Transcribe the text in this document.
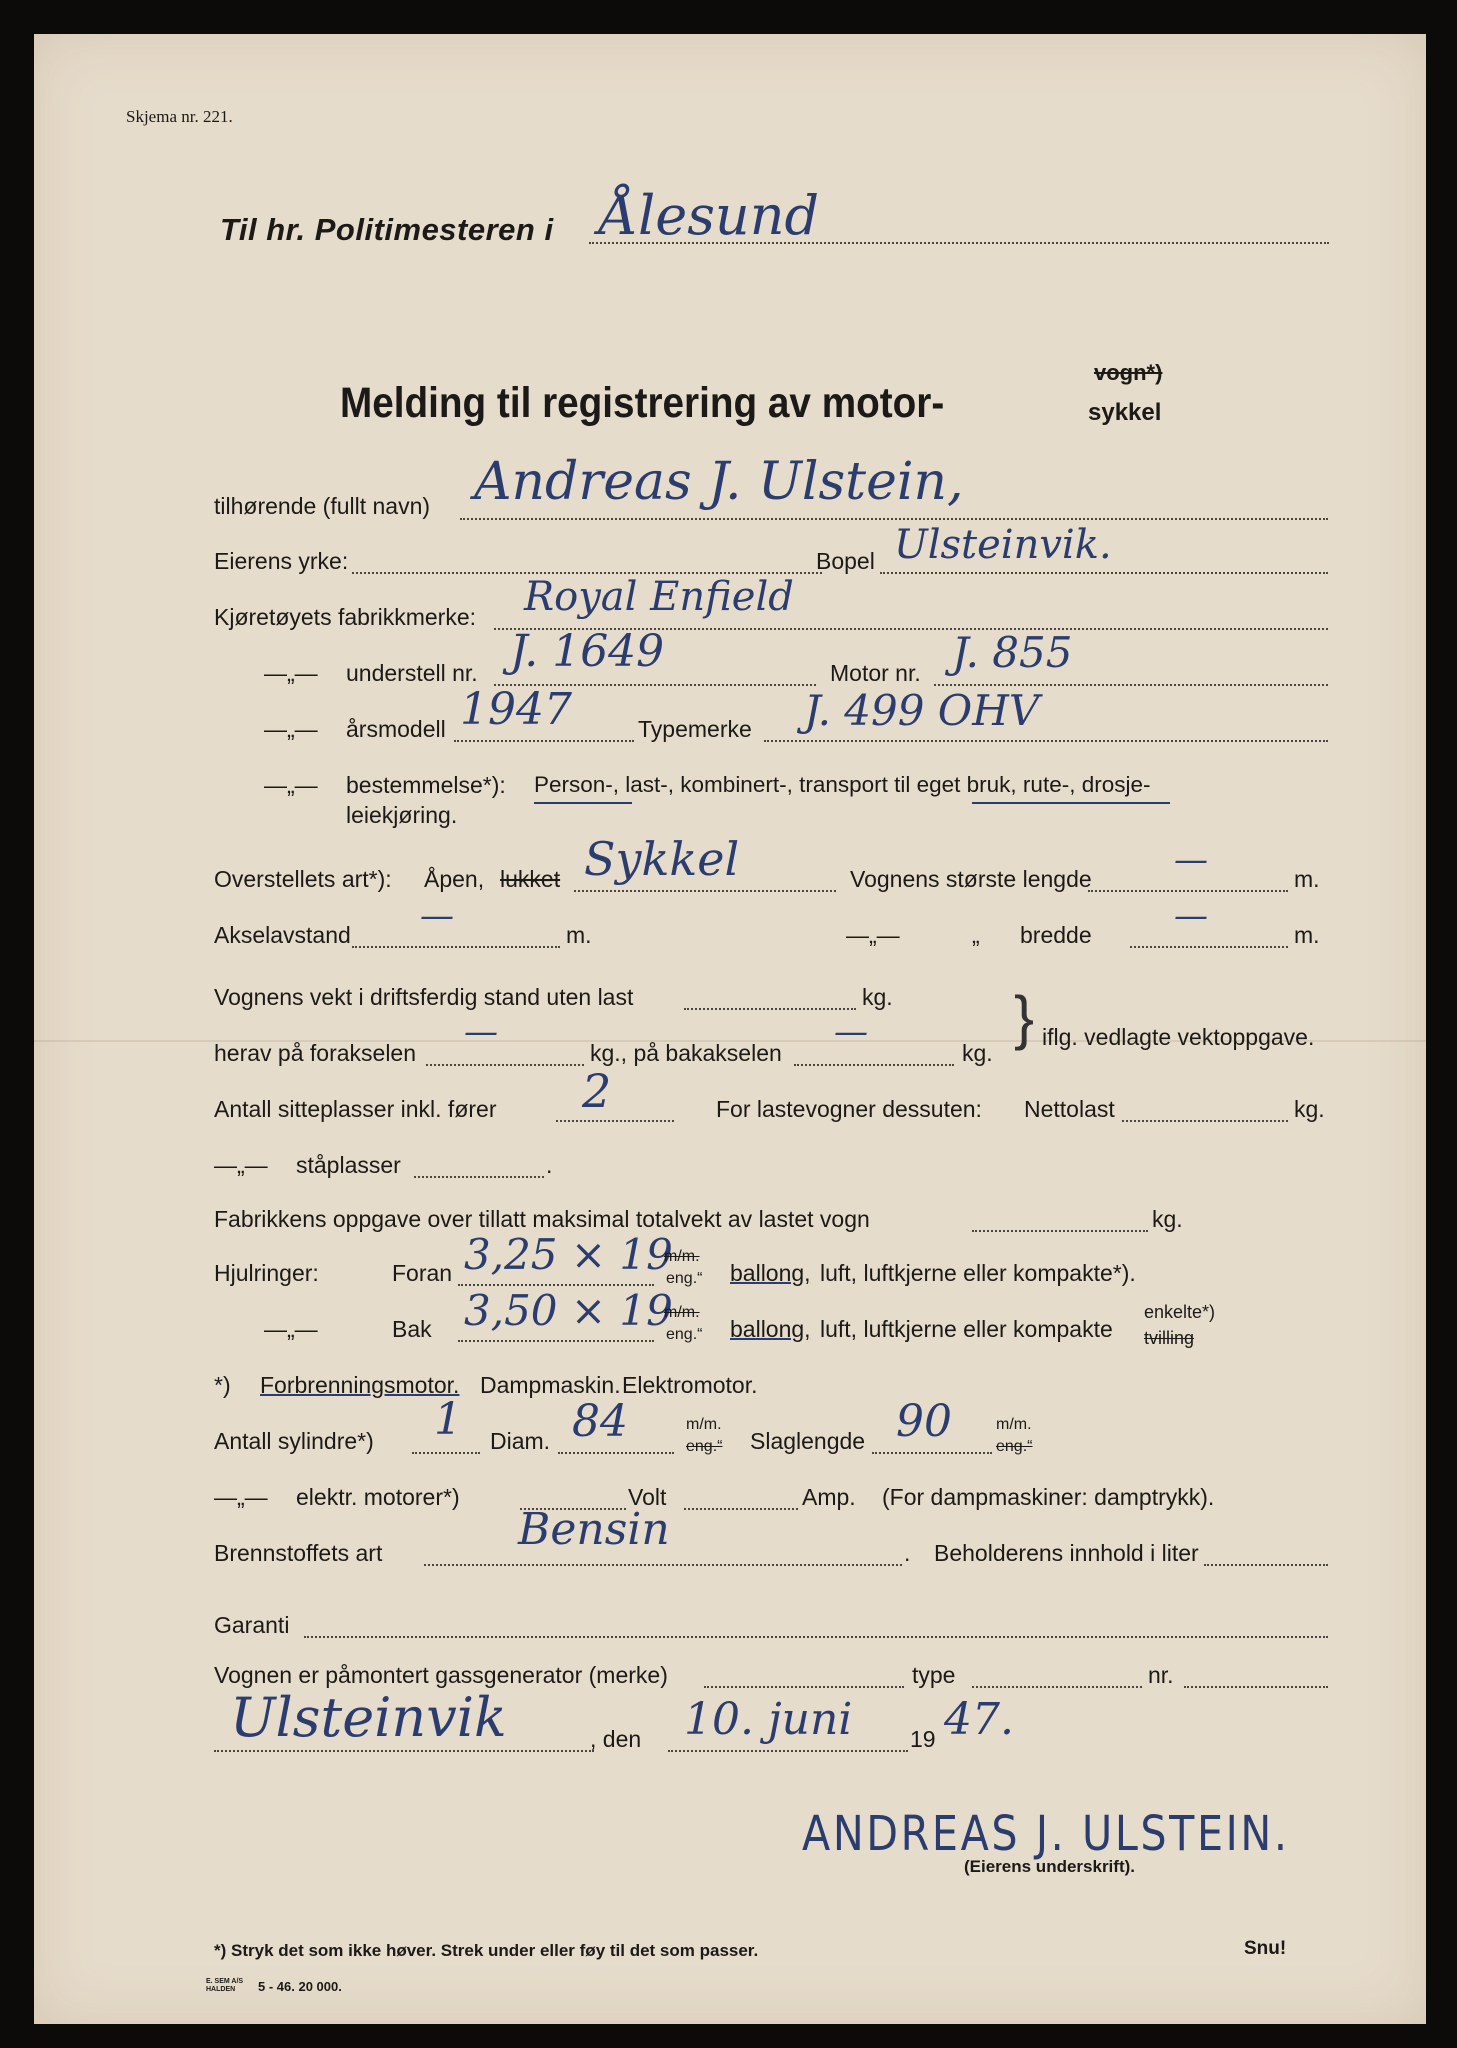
Skjema nr. 221.
Til hr. Politimesteren i Ålesund
Melding til registrering av motor-
vogn*)
sykkel
tilhørende (fullt navn) Andreas J. Ulstein,
Eierens yrke:	Bopel Ulsteinvik.
Kjøretøyets fabrikkmerke: Royal Enfield
—„— understell nr. J. 1649	Motor nr. J. 855
—„— årsmodell 1947	Typemerke J. 499 OHV
—„— bestemmelse*): Person-, last-, kombinert-, transport til eget bruk, rute-, drosje-
leiekjøring.
Overstellets art*): Åpen, lukket Sykkel	Vognens største lengde —	m.
Akselavstand —	m.	—„—	„ bredde —	m.
Vognens vekt i driftsferdig stand uten last	kg.
herav på forakselen
—
kg., på bakakselen
—
kg.
} iflg. vedlagte vektoppgave.
Antall sitteplasser inkl. fører 2	For lastevogner dessuten: Nettolast	kg.
—„— ståplasser	.
Fabrikkens oppgave over tillatt maksimal totalvekt av lastet vogn	kg.
Hjulringer:	Foran 3,25 × 19
m/m.
eng.“ ballong, luft, luftkjerne eller kompakte*).
—„—	Bak 3,50 × 19
m/m.
eng.“ ballong, luft, luftkjerne eller kompakte
enkelte*)
tvilling
*) Forbrenningsmotor. Dampmaskin. Elektromotor.
Antall sylindre*) 1 Diam. 84	m/m.
eng.“ Slaglengde 90	m/m.
eng.“
—„— elektr. motorer*)	Volt	Amp. (For dampmaskiner: damptrykk).
Brennstoffets art	Bensin	. Beholderens innhold i liter
Garanti
Vognen er påmontert gassgenerator (merke)	type	nr.
Ulsteinvik	, den 10. juni	19 47.
ANDREAS J. ULSTEIN.
(Eierens underskrift).
*) Stryk det som ikke høver. Strek under eller føy til det som passer.	Snu!
E. SEM A/S
HALDEN	5 - 46. 20 000.
